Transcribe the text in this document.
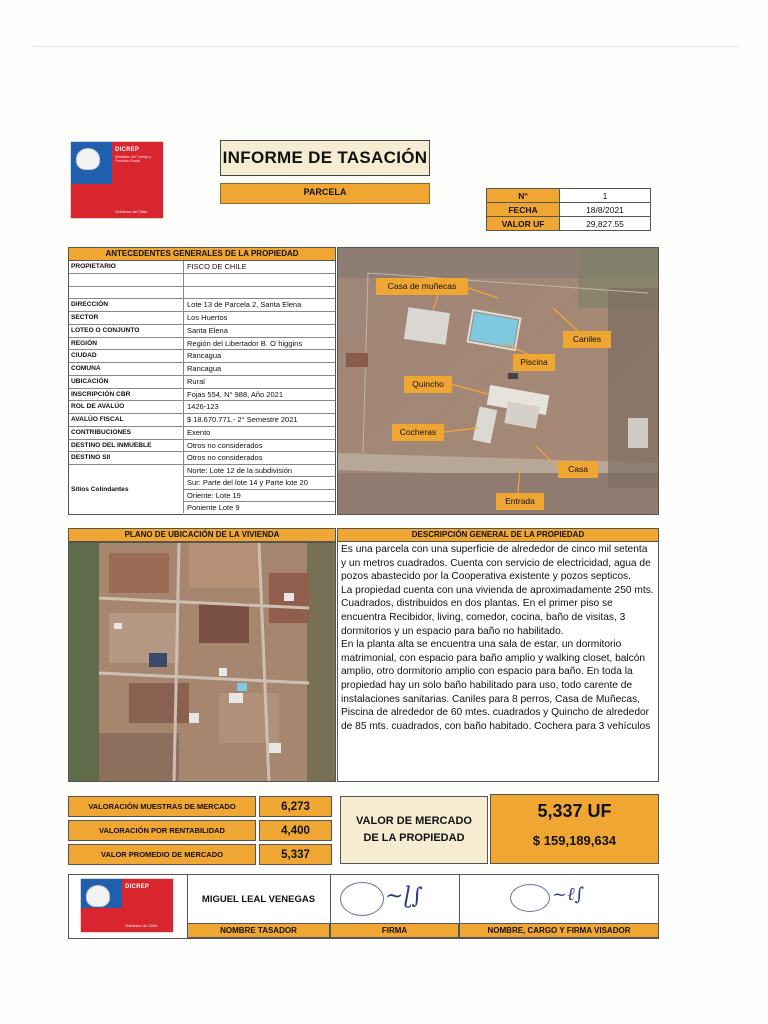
DICREP
Ministerio del Trabajo y Previsión Social
Gobierno de Chile
INFORME DE TASACIÓN
PARCELA	N°	1
FECHA	18/8/2021
VALOR UF	29,827.55
ANTECEDENTES GENERALES DE LA PROPIEDAD
PROPIETARIO	FISCO DE CHILE
DIRECCIÓN	Lote 13 de Parcela 2, Santa Elena
SECTOR	Los Huertos
LOTEO O CONJUNTO	Santa Elena
REGIÓN	Región del Libertador B. O´higgins
CIUDAD	Rancagua
COMUNA	Rancagua
UBICACIÓN	Rural
INSCRIPCIÓN CBR	Fojas 554, N° 988, Año 2021
ROL DE AVALÚO	1426-123
AVALÚO FISCAL	$ 18.670.771.- 2° Semestre 2021
CONTRIBUCIONES	Exento
DESTINO DEL INMUEBLE	Otros no considerados
DESTINO SII	Otros no considerados
Sitios Colindantes
Norte: Lote 12 de la subdivisión
Sur: Parte del lote 14 y Parte lote 20
Oriente: Lote 19
Poniente Lote 9
Casa de muñecas
Caniles
Piscina
Quincho
Cocheras
Casa
Entrada
PLANO DE UBICACIÓN DE LA VIVIENDA	DESCRIPCIÓN GENERAL DE LA PROPIEDAD

Es una parcela con una superficie de alrededor de cinco mil setenta y un metros cuadrados. Cuenta con servicio de electricidad, agua de pozos abastecido por la Cooperativa existente y pozos septicos.

La propiedad cuenta con una vivienda de aproximadamente 250 mts. Cuadrados, distribuidos en dos plantas. En el primer piso se encuentra Recibidor, living, comedor, cocina, baño de visitas, 3 dormitorios y un espacio para baño no habilitado.

En la planta alta se encuentra una sala de estar, un dormitorio matrimonial, con espacio para baño amplio y walking closet, balcón amplio, otro dormitorio amplio con espacio para baño. En toda la propiedad hay un solo baño habilitado para uso, todo carente de instalaciones sanitarias. Caniles para 8 perros, Casa de Muñecas, Piscina de alrededor de 60 mtes. cuadrados y Quincho de alrededor de 85 mts. cuadrados, con baño habitado. Cochera para 3 vehículos

VALORACIÓN MUESTRAS DE MERCADO	6,273
VALORACIÓN POR RENTABILIDAD	4,400
VALOR PROMEDIO DE MERCADO	5,337
VALOR DE MERCADO DE LA PROPIEDAD
5,337 UF
$ 159,189,634
DICREP
Gobierno de Chile
MIGUEL LEAL VENEGAS	~ɭ∫	~ℓ∫
NOMBRE TASADOR	FIRMA	NOMBRE, CARGO Y FIRMA VISADOR
